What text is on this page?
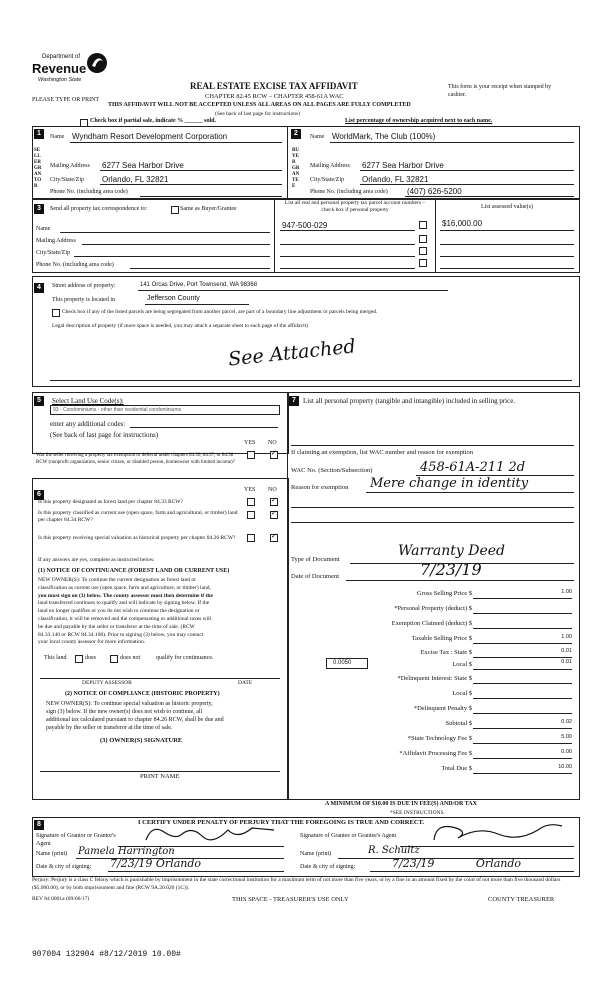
Department of
Revenue
Washington State
PLEASE TYPE OR PRINT
REAL ESTATE EXCISE TAX AFFIDAVIT
CHAPTER 82.45 RCW – CHAPTER 458-61A WAC
This form is your receipt when stamped by cashier.
THIS AFFIDAVIT WILL NOT BE ACCEPTED UNLESS ALL AREAS ON ALL PAGES ARE FULLY COMPLETED
(See back of last page for instructions)
Check box if partial sale, indicate % ______ sold.	List percentage of ownership acquired next to each name.
1
SELLER GRANTOR
Name Wyndham Resort Development Corporation
Mailing Address 6277 Sea Harbor Drive
City/State/Zip Orlando, FL 32821
Phone No. (including area code)
2
BUYER GRANTEE
Name WorldMark, The Club (100%)
Mailing Address 6277 Sea Harbor Drive
City/State/Zip Orlando, FL 32821
Phone No. (including area code) (407) 626-5200
3	Send all property tax correspondence to:	Same as Buyer/Grantee
Name
Mailing Address
City/State/Zip
Phone No. (including area code)
List all real and personal property tax parcel account numbers – check box if personal property	List assessed value(s)
947-500-029	$16,000.00
4	Street address of property:	141 Orcas Drive, Port Townsend, WA 98368
This property is located in	Jefferson County
Check box if any of the listed parcels are being segregated from another parcel, are part of a boundary line adjustment or parcels being merged.
Legal description of property (if more space is needed, you may attach a separate sheet to each page of the affidavit)
See Attached
5	Select Land Use Code(s):
93 - Condominiums - other than residential condominiums
enter any additional codes:
(See back of last page for instructions)
YES NO
Was the seller receiving a property tax exemption or deferral under chapters 84.36, 84.37, or 84.38 RCW (nonprofit organization, senior citizen, or disabled person, homeowner with limited income)?
✓
6
YES NO
Is this property designated as forest land per chapter 84.33 RCW?
✓
Is this property classified as current use (open space, farm and agricultural, or timber) land per chapter 84.34 RCW?
✓
Is this property receiving special valuation as historical property per chapter 84.26 RCW?
✓
If any answers are yes, complete as instructed below.
(1) NOTICE OF CONTINUANCE (FOREST LAND OR CURRENT USE)
NEW OWNER(S): To continue the current designation as forest land or
classification as current use (open space, farm and agriculture, or timber) land,
you must sign on (3) below. The county assessor must then determine if the
land transferred continues to qualify and will indicate by signing below. If the
land no longer qualifies or you do not wish to continue the designation or
classification, it will be removed and the compensating or additional taxes will
be due and payable by the seller or transferor at the time of sale. (RCW
84.33.140 or RCW 84.34.108). Prior to signing (3) below, you may contact
your local county assessor for more information.
This land	does	does not	qualify for continuance.
DEPUTY ASSESSOR	DATE
(2) NOTICE OF COMPLIANCE (HISTORIC PROPERTY)
NEW OWNER(S): To continue special valuation as historic property,
sign (3) below. If the new owner(s) does not wish to continue, all
additional tax calculated pursuant to chapter 84.26 RCW, shall be due and
payable by the seller or transferor at the time of sale.
(3) OWNER(S) SIGNATURE
PRINT NAME
7	List all personal property (tangible and intangible) included in selling price.
If claiming an exemption, list WAC number and reason for exemption
WAC No. (Section/Subsection)	458-61A-211 2d
Reason for exemption Mere change in identity
Type of Document
Warranty Deed
Date of Document	7/23/19
Gross Selling Price $	1.00
*Personal Property (deduct) $
Exemption Claimed (deduct) $
Taxable Selling Price $	1.00
Excise Tax : State $	0.01
0.0050	Local $	0.01
*Delinquent Interest: State $
Local $
*Delinquent Penalty $
Subtotal $	0.02
*State Technology Fee $	5.00
*Affidavit Processing Fee $	0.00
Total Due $	10.00
A MINIMUM OF $10.00 IS DUE IN FEE(S) AND/OR TAX
*SEE INSTRUCTIONS
8	I CERTIFY UNDER PENALTY OF PERJURY THAT THE FOREGOING IS TRUE AND CORRECT.
Signature of Grantor or Grantor's Agent
Name (print) Pamela Harrington
Date & city of signing: 7/23/19 Orlando
Signature of Grantee or Grantee's Agent
Name (print)	R. Schultz
Date & city of signing:	7/23/19 Orlando
Perjury: Perjury is a class C felony which is punishable by imprisonment in the state correctional institution for a maximum term of not more than five years, or by a fine in an amount fixed by the court of not more than five thousand dollars ($5,000.00), or by both imprisonment and fine (RCW 9A.20.020 (1C)).
REV 84 0001a (09/06/17)	THIS SPACE - TREASURER'S USE ONLY	COUNTY TREASURER
907004 132904 #8/12/2019 10.00#
